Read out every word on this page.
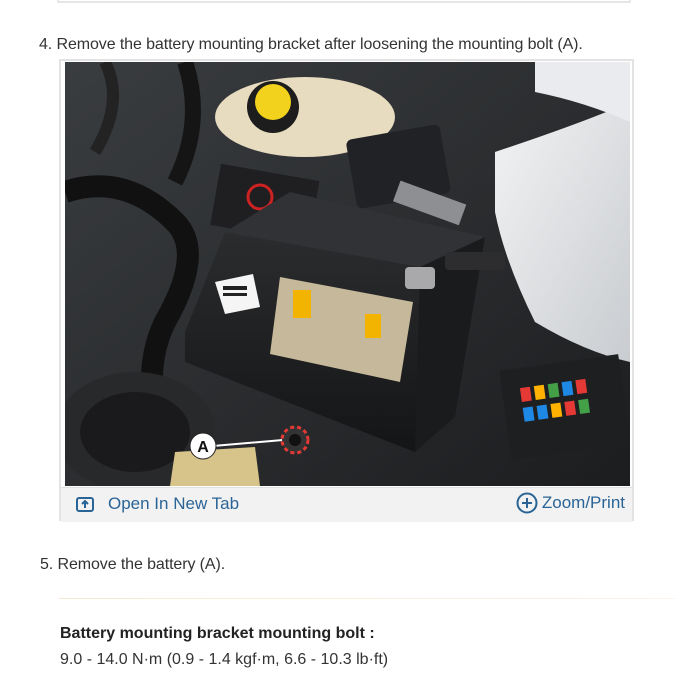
4. Remove the battery mounting bracket after loosening the mounting bolt (A).
A
Open In New Tab	Zoom/Print
5. Remove the battery (A).
Battery mounting bracket mounting bolt :
9.0 - 14.0 N·m (0.9 - 1.4 kgf·m, 6.6 - 10.3 lb·ft)
